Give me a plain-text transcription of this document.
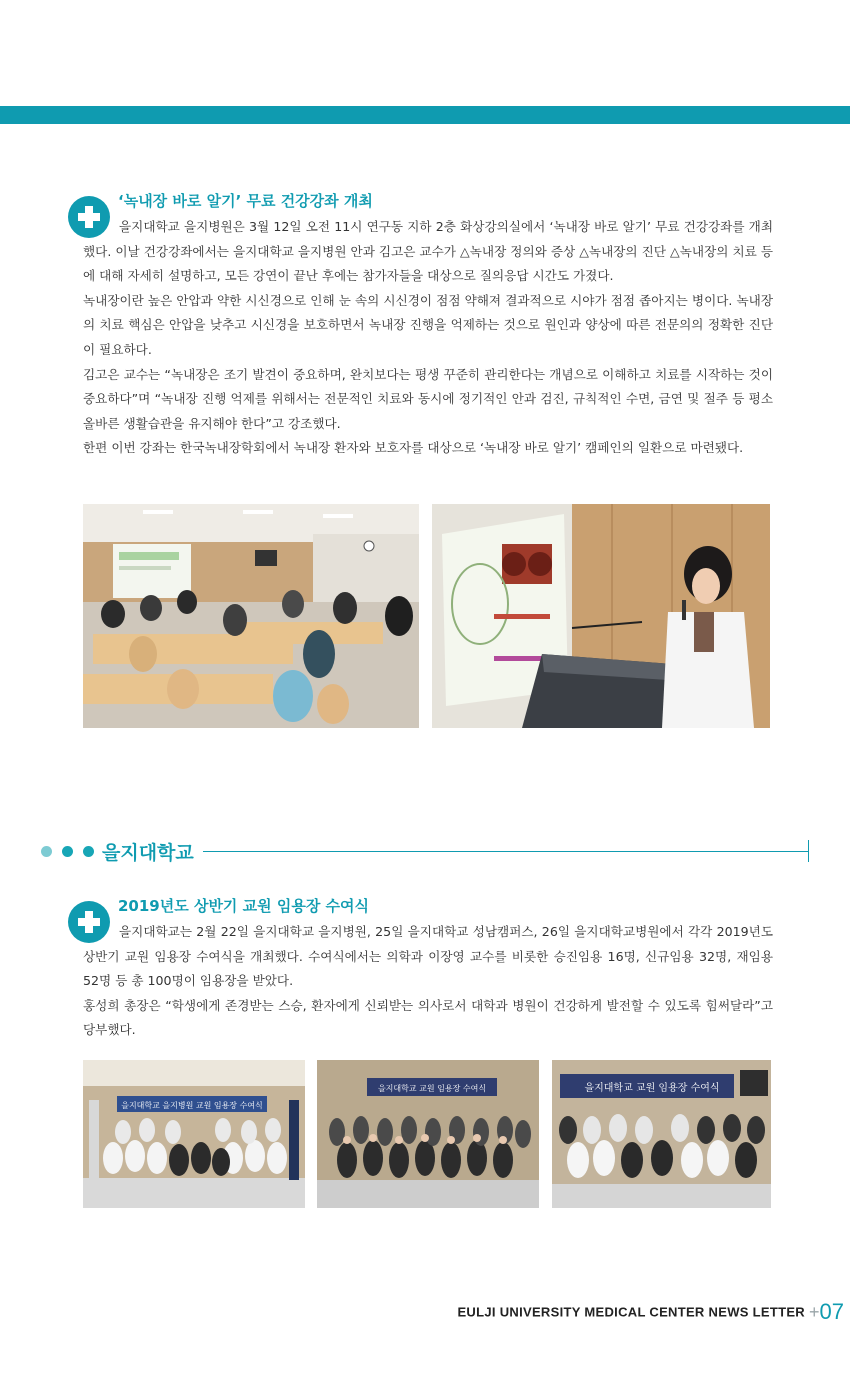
‘녹내장 바로 알기’ 무료 건강강좌 개최

을지대학교 을지병원은 3월 12일 오전 11시 연구동 지하 2층 화상강의실에서 ‘녹내장 바로 알기’ 무료 건강강좌를 개최했다. 이날 건강강좌에서는 을지대학교 을지병원 안과 김고은 교수가 △녹내장 정의와 증상 △녹내장의 진단 △녹내장의 치료 등에 대해 자세히 설명하고, 모든 강연이 끝난 후에는 참가자들을 대상으로 질의응답 시간도 가졌다.

녹내장이란 높은 안압과 약한 시신경으로 인해 눈 속의 시신경이 점점 약해져 결과적으로 시야가 점점 좁아지는 병이다. 녹내장의 치료 핵심은 안압을 낮추고 시신경을 보호하면서 녹내장 진행을 억제하는 것으로 원인과 양상에 따른 전문의의 정확한 진단이 필요하다.

김고은 교수는 “녹내장은 조기 발견이 중요하며, 완치보다는 평생 꾸준히 관리한다는 개념으로 이해하고 치료를 시작하는 것이 중요하다”며 “녹내장 진행 억제를 위해서는 전문적인 치료와 동시에 정기적인 안과 검진, 규칙적인 수면, 금연 및 절주 등 평소 올바른 생활습관을 유지해야 한다”고 강조했다.

한편 이번 강좌는 한국녹내장학회에서 녹내장 환자와 보호자를 대상으로 ‘녹내장 바로 알기’ 캠페인의 일환으로 마련됐다.

을지대학교
2019년도 상반기 교원 임용장 수여식

을지대학교는 2월 22일 을지대학교 을지병원, 25일 을지대학교 성남캠퍼스, 26일 을지대학교병원에서 각각 2019년도 상반기 교원 임용장 수여식을 개최했다. 수여식에서는 의학과 이장영 교수를 비롯한 승진임용 16명, 신규임용 32명, 재임용 52명 등 총 100명이 임용장을 받았다.

홍성희 총장은 “학생에게 존경받는 스승, 환자에게 신뢰받는 의사로서 대학과 병원이 건강하게 발전할 수 있도록 힘써달라”고 당부했다.

을지대학교 을지병원 교원 임용장 수여식
을지대학교 교원 임용장 수여식	을지대학교 교원 임용장 수여식
EULJI UNIVERSITY MEDICAL CENTER NEWS LETTER +07
